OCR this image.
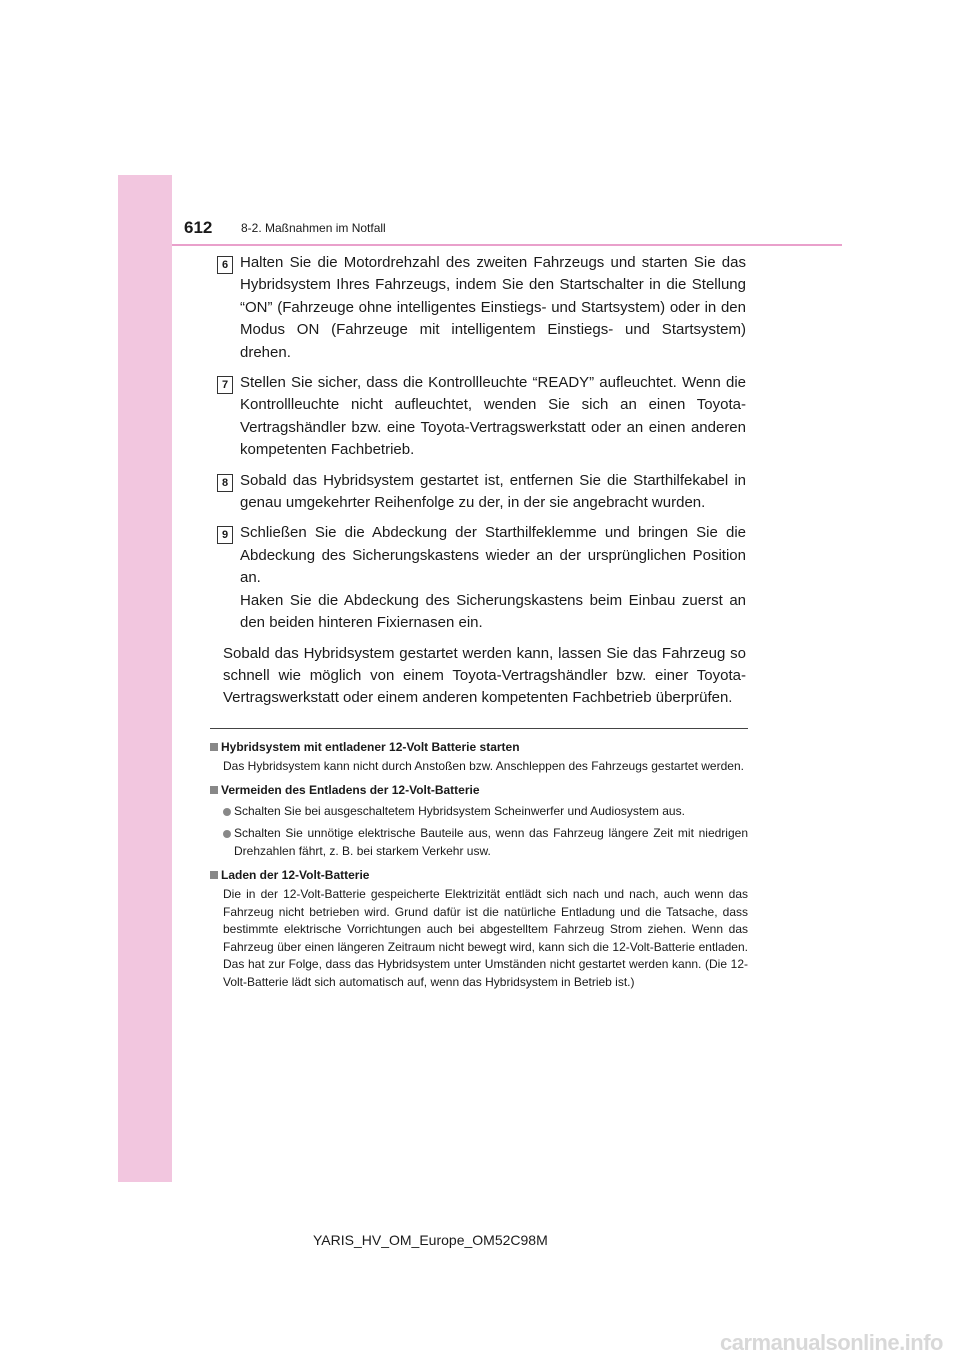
612 8-2. Maßnahmen im Notfall
6 Halten Sie die Motordrehzahl des zweiten Fahrzeugs und starten Sie das Hybridsystem Ihres Fahrzeugs, indem Sie den Startschalter in die Stellung “ON” (Fahrzeuge ohne intelligentes Einstiegs- und Startsystem) oder in den Modus ON (Fahrzeuge mit intelligentem Einstiegs- und Startsystem) drehen.

7 Stellen Sie sicher, dass die Kontrollleuchte “READY” aufleuchtet. Wenn die Kontrollleuchte nicht aufleuchtet, wenden Sie sich an einen Toyota-Vertragshändler bzw. eine Toyota-Vertragswerkstatt oder an einen anderen kompetenten Fachbetrieb.

8 Sobald das Hybridsystem gestartet ist, entfernen Sie die Starthilfekabel in genau umgekehrter Reihenfolge zu der, in der sie angebracht wurden.

9 Schließen Sie die Abdeckung der Starthilfeklemme und bringen Sie die Abdeckung des Sicherungskastens wieder an der ursprünglichen Position an.

Haken Sie die Abdeckung des Sicherungskastens beim Einbau zuerst an den beiden hinteren Fixiernasen ein.

Sobald das Hybridsystem gestartet werden kann, lassen Sie das Fahrzeug so schnell wie möglich von einem Toyota-Vertragshändler bzw. einer Toyota-Vertragswerkstatt oder einem anderen kompetenten Fachbetrieb überprüfen.

Hybridsystem mit entladener 12-Volt Batterie starten
Das Hybridsystem kann nicht durch Anstoßen bzw. Anschleppen des Fahrzeugs gestartet werden.
Vermeiden des Entladens der 12-Volt-Batterie
Schalten Sie bei ausgeschaltetem Hybridsystem Scheinwerfer und Audiosystem aus.
Schalten Sie unnötige elektrische Bauteile aus, wenn das Fahrzeug längere Zeit mit niedrigen Drehzahlen fährt, z. B. bei starkem Verkehr usw.
Laden der 12-Volt-Batterie
Die in der 12-Volt-Batterie gespeicherte Elektrizität entlädt sich nach und nach, auch wenn das Fahrzeug nicht betrieben wird. Grund dafür ist die natürliche Entladung und die Tatsache, dass bestimmte elektrische Vorrichtungen auch bei abgestelltem Fahrzeug Strom ziehen. Wenn das Fahrzeug über einen längeren Zeitraum nicht bewegt wird, kann sich die 12-Volt-Batterie entladen. Das hat zur Folge, dass das Hybridsystem unter Umständen nicht gestartet werden kann. (Die 12-Volt-Batterie lädt sich automatisch auf, wenn das Hybridsystem in Betrieb ist.)
YARIS_HV_OM_Europe_OM52C98M
carmanualsonline.info
